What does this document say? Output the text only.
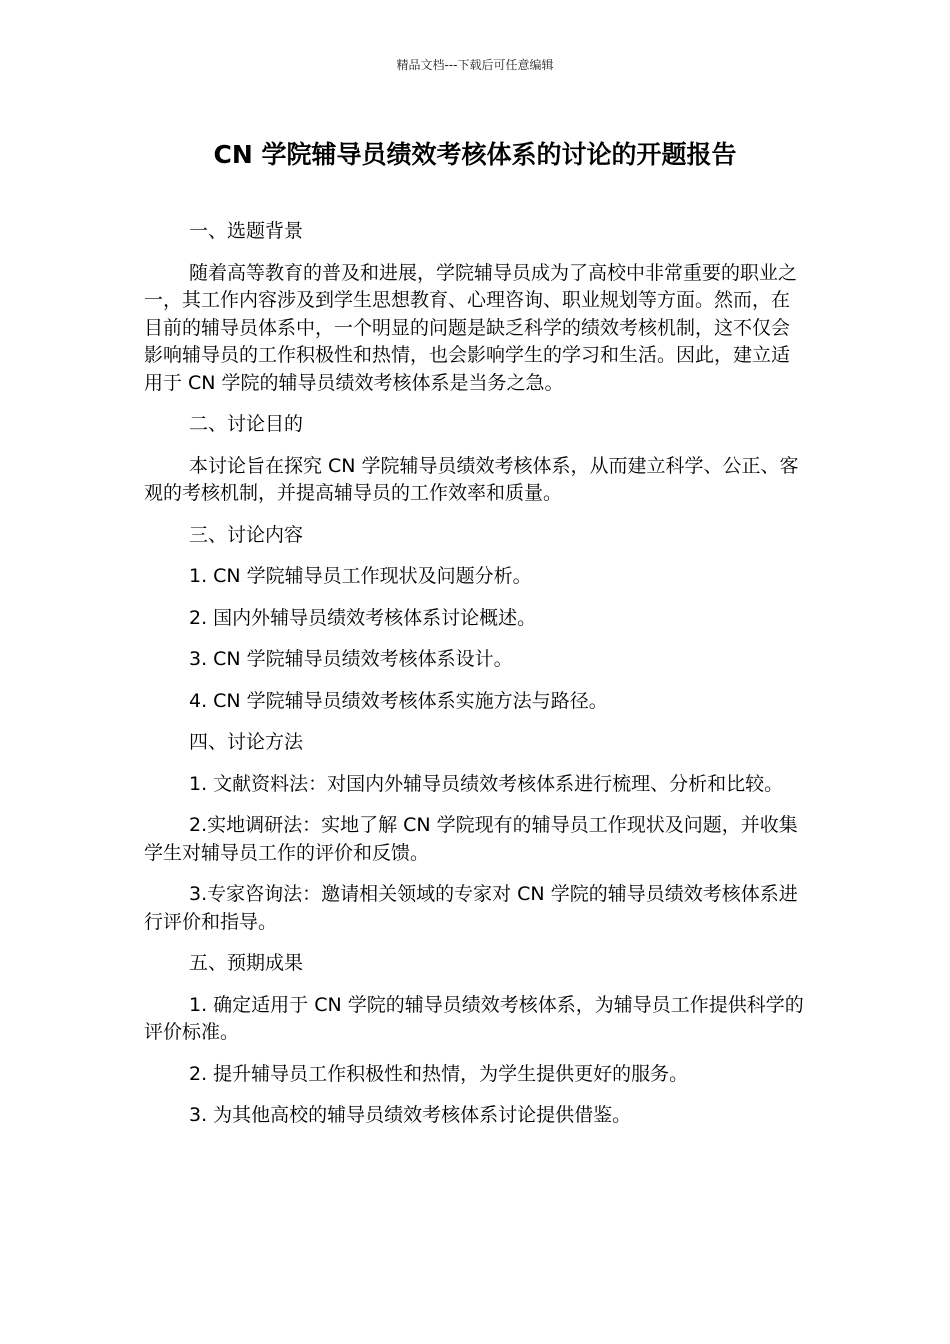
精品文档---下载后可任意编辑
CN 学院辅导员绩效考核体系的讨论的开题报告

一、选题背景

随着高等教育的普及和进展，学院辅导员成为了高校中非常重要的职业之一，其工作内容涉及到学生思想教育、心理咨询、职业规划等方面。然而，在目前的辅导员体系中，一个明显的问题是缺乏科学的绩效考核机制，这不仅会影响辅导员的工作积极性和热情，也会影响学生的学习和生活。因此，建立适用于 CN 学院的辅导员绩效考核体系是当务之急。

二、讨论目的

本讨论旨在探究 CN 学院辅导员绩效考核体系，从而建立科学、公正、客观的考核机制，并提高辅导员的工作效率和质量。

三、讨论内容

1. CN 学院辅导员工作现状及问题分析。

2. 国内外辅导员绩效考核体系讨论概述。

3. CN 学院辅导员绩效考核体系设计。

4. CN 学院辅导员绩效考核体系实施方法与路径。

四、讨论方法

1. 文献资料法：对国内外辅导员绩效考核体系进行梳理、分析和比较。

2.实地调研法：实地了解 CN 学院现有的辅导员工作现状及问题，并收集学生对辅导员工作的评价和反馈。

3.专家咨询法：邀请相关领域的专家对 CN 学院的辅导员绩效考核体系进行评价和指导。

五、预期成果

1. 确定适用于 CN 学院的辅导员绩效考核体系，为辅导员工作提供科学的评价标准。

2. 提升辅导员工作积极性和热情，为学生提供更好的服务。

3. 为其他高校的辅导员绩效考核体系讨论提供借鉴。
